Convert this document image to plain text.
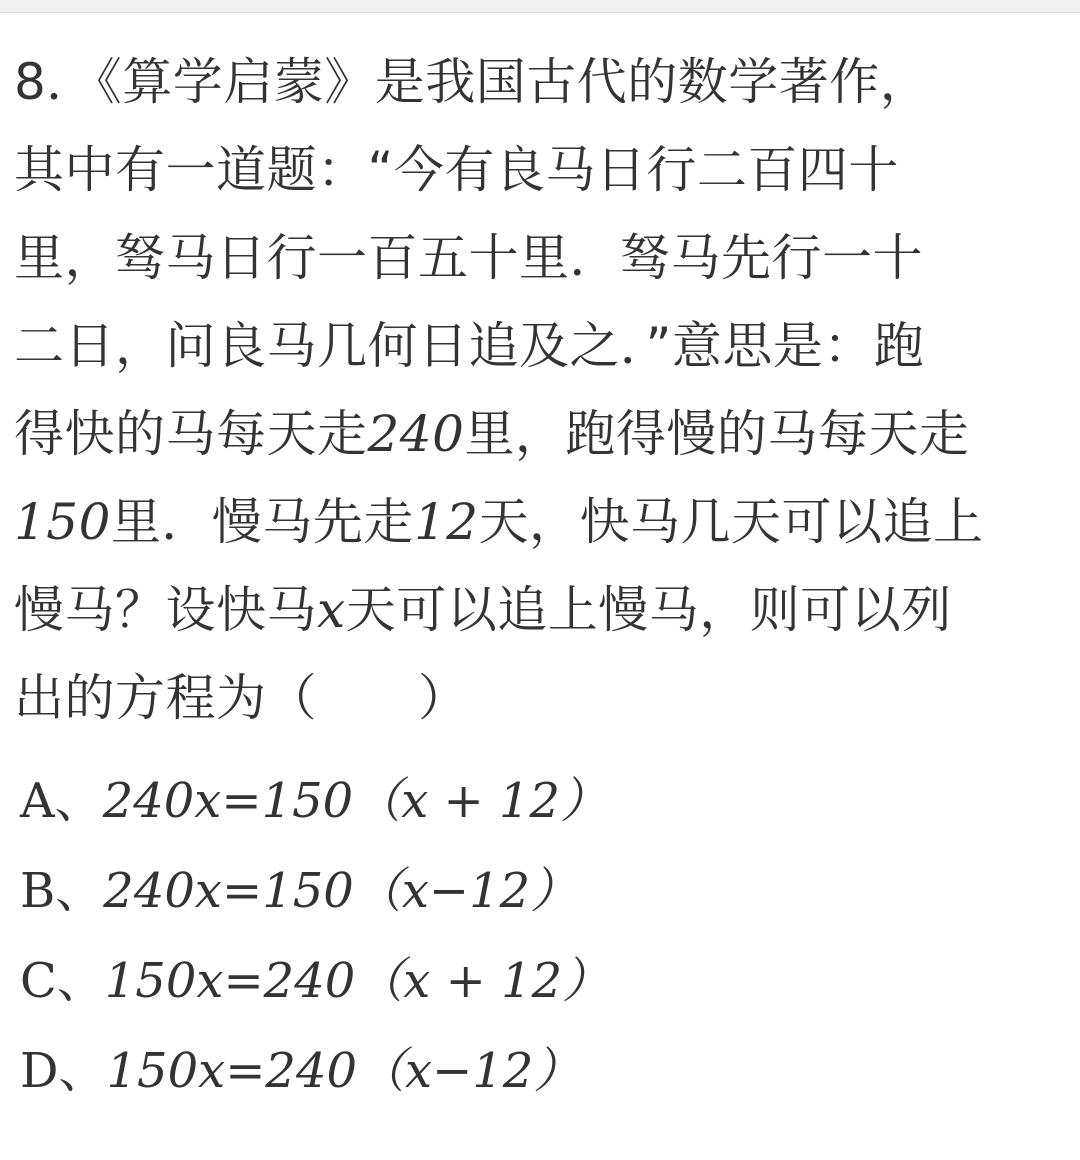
8．《算学启蒙》是我国古代的数学著作，
其中有一道题：“今有良马日行二百四十
里，驽马日行一百五十里．驽马先行一十
二日，问良马几何日追及之．”意思是：跑
得快的马每天走240里，跑得慢的马每天走
150里．慢马先走12天，快马几天可以追上
慢马？设快马x天可以追上慢马，则可以列
出的方程为（　　）
A、240x=150（x + 12）
B、240x=150（x−12）
C、150x=240（x + 12）
D、150x=240（x−12）
